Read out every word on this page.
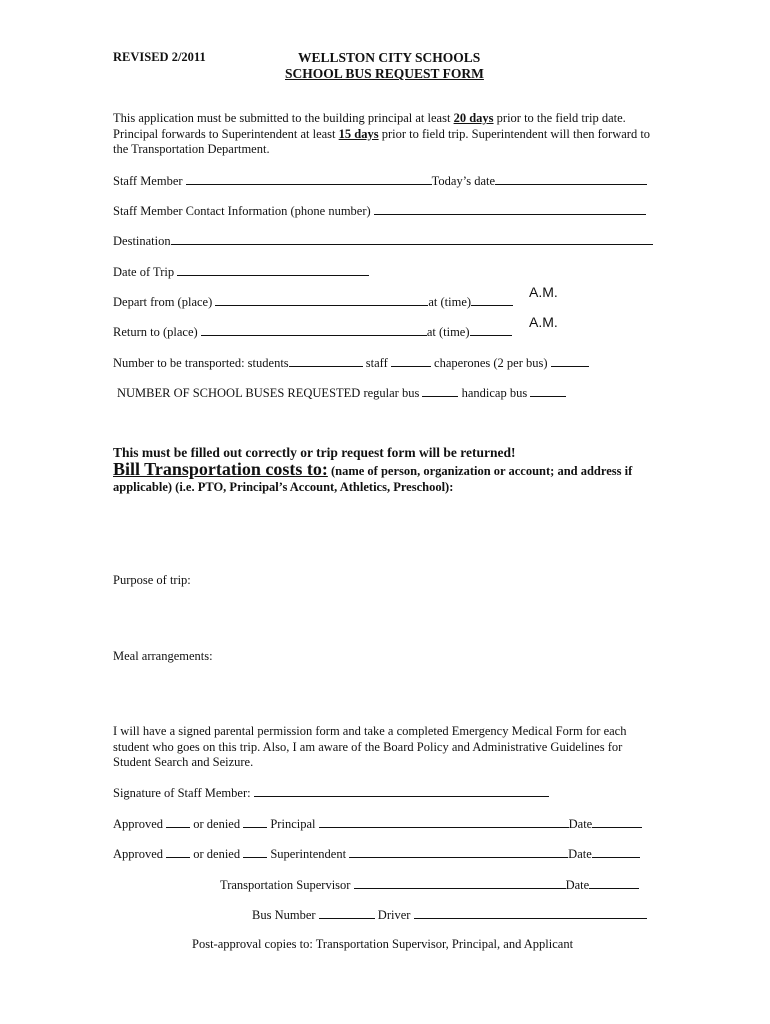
REVISED 2/2011	WELLSTON CITY SCHOOLS
SCHOOL BUS REQUEST FORM
This application must be submitted to the building principal at least 20 days prior to the field trip date.
Principal forwards to Superintendent at least 15 days prior to field trip. Superintendent will then forward to
the Transportation Department.
Staff Member	Today’s date
Staff Member Contact Information (phone number)
Destination
Date of Trip
Depart from (place)	at (time)
A.M.
Return to (place)	at (time)
A.M.
Number to be transported: students	staff	chaperones (2 per bus)
NUMBER OF SCHOOL BUSES REQUESTED regular bus	handicap bus
This must be filled out correctly or trip request form will be returned!
Bill Transportation costs to: (name of person, organization or account; and address if
applicable) (i.e. PTO, Principal’s Account, Athletics, Preschool):
Purpose of trip:
Meal arrangements:
I will have a signed parental permission form and take a completed Emergency Medical Form for each
student who goes on this trip. Also, I am aware of the Board Policy and Administrative Guidelines for
Student Search and Seizure.
Signature of Staff Member:
Approved or denied Principal	Date
Approved or denied Superintendent	Date
Transportation Supervisor	Date
Bus Number	Driver
Post-approval copies to: Transportation Supervisor, Principal, and Applicant
